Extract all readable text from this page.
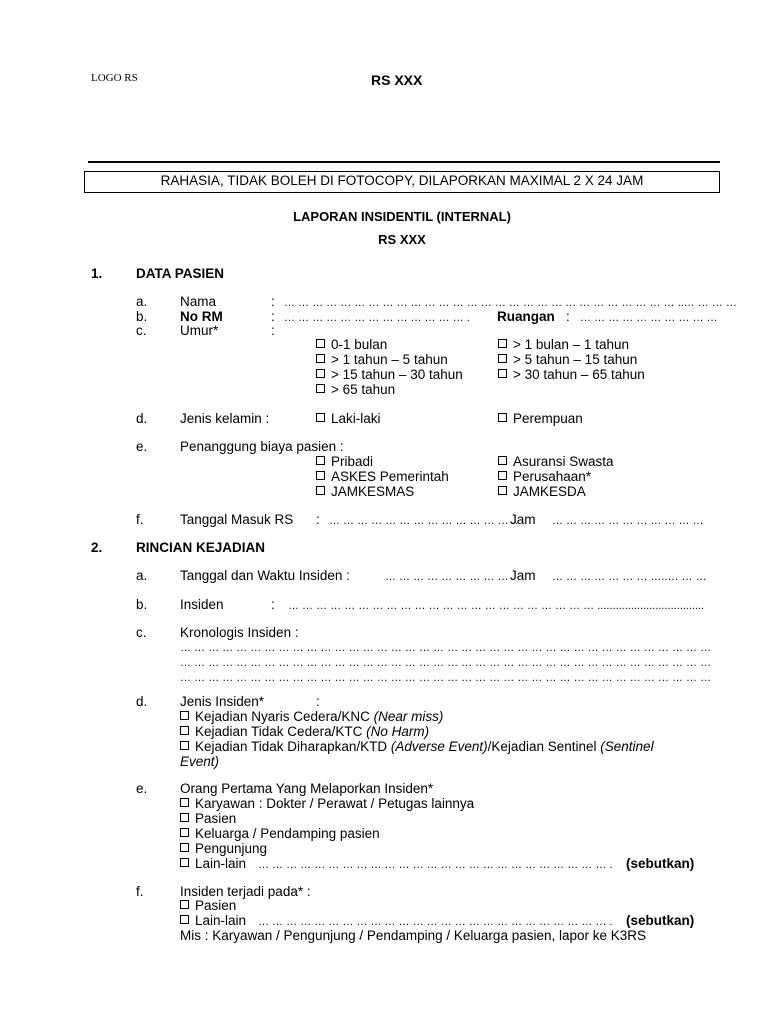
LOGO RS	RS XXX
RAHASIA, TIDAK BOLEH DI FOTOCOPY, DILAPORKAN MAXIMAL 2 X 24 JAM
LAPORAN INSIDENTIL (INTERNAL)
RS XXX
1. DATA PASIEN
a. Nama	: … … … … … … … … … … … … … … … … … … … … … … … … … … … … ..… … … …
b. No RM	: … … … … … … … … … … … … … . Ruangan : … … … … … … … … … …
c. Umur*	:
0-1 bulan	> 1 bulan – 1 tahun
> 1 tahun – 5 tahun	> 5 tahun – 15 tahun
> 15 tahun – 30 tahun	> 30 tahun – 65 tahun
> 65 tahun
d. Jenis kelamin :	Laki-laki	Perempuan
e. Penanggung biaya pasien :
Pribadi	Asuransi Swasta
ASKES Pemerintah	Perusahaan*
JAMKESMAS	JAMKESDA
f.	Tanggal Masuk RS : … … … … … … … … … … … … … ..
Jam … … … … … … … … … … …
2. RINCIAN KEJADIAN
a. Tanggal dan Waktu Insiden :	… … … … … … … … … Jam … … … … … … … …..… … …
b. Insiden	: … … … … … … … … … … … … … … … … … … … … … … ...................................
c. Kronologis Insiden :
… … … … … … … … … … … … … … … … … … … … … … … … … … … … … … … … … … … … … …
… … … … … … … … … … … … … … … … … … … … … … … … … … … … … … … … … … … … … …
… … … … … … … … … … … … … … … … … … … … … … … … … … … … … … … … … … … … … …
d. Jenis Insiden*	:
Kejadian Nyaris Cedera/KNC (Near miss)
Kejadian Tidak Cedera/KTC (No Harm)
Kejadian Tidak Diharapkan/KTD (Adverse Event)/Kejadian Sentinel (Sentinel
Event)
e. Orang Pertama Yang Melaporkan Insiden*
Karyawan : Dokter / Perawat / Petugas lainnya
Pasien
Keluarga / Pendamping pasien
Pengunjung
Lain-lain … … … … … … … … … … … … … … … … … … … … … … … … … . (sebutkan)
f.	Insiden terjadi pada* :
Pasien
Lain-lain … … … … … … … … … … … … … … … … … … … … … … … … … . (sebutkan)
Mis : Karyawan / Pengunjung / Pendamping / Keluarga pasien, lapor ke K3RS
